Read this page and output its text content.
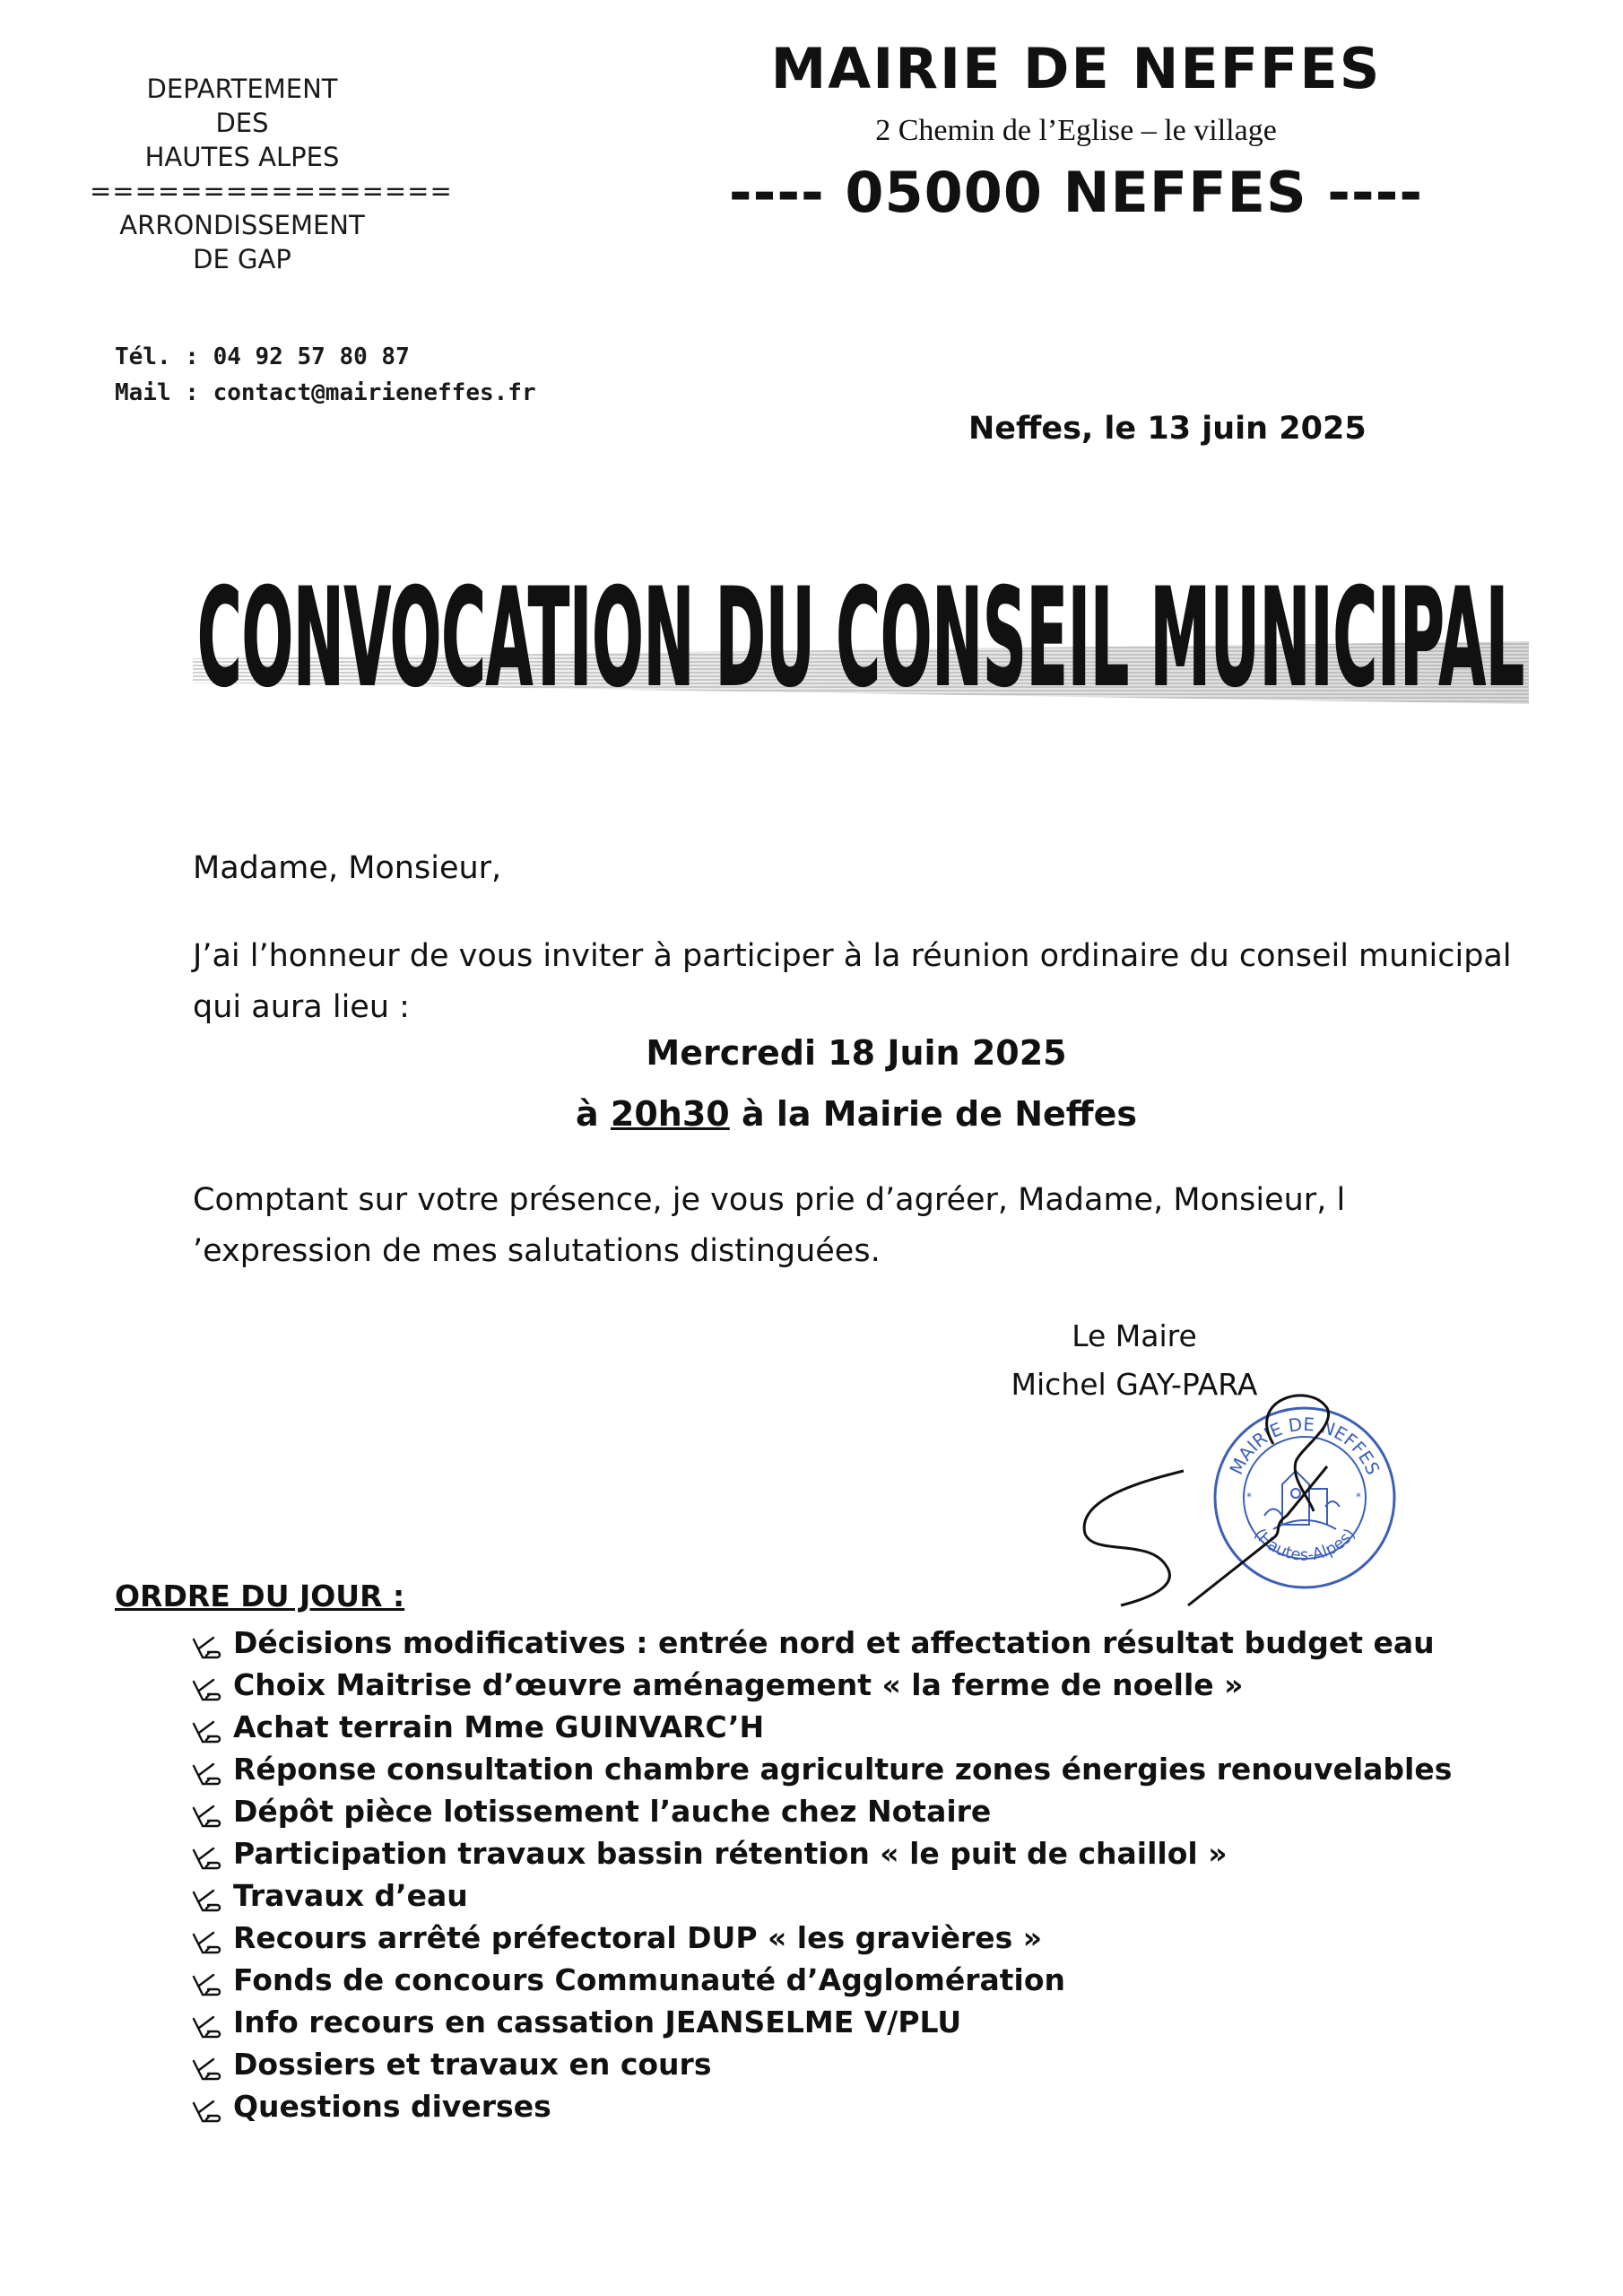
DEPARTEMENT
DES
HAUTES ALPES
================
ARRONDISSEMENT
DE GAP
Tél. : 04 92 57 80 87
Mail : contact@mairieneffes.fr
MAIRIE DE NEFFES
2 Chemin de l’Eglise – le village
---- 05000 NEFFES ----
Neffes, le 13 juin 2025
CONVOCATION DU CONSEIL MUNICIPAL
Madame, Monsieur,
J’ai l’honneur de vous inviter à participer à la réunion ordinaire du conseil municipal qui aura lieu :
Mercredi 18 Juin 2025
à 20h30 à la Mairie de Neffes
Comptant sur votre présence, je vous prie d’agréer, Madame, Monsieur, l ’expression de mes salutations distinguées.
Le Maire
Michel GAY-PARA
MAIRIE DE NEFFES
(Hautes-Alpes)
*	*
ORDRE DU JOUR :
Décisions modificatives : entrée nord et affectation résultat budget eau
Choix Maitrise d’œuvre aménagement « la ferme de noelle »
Achat terrain Mme GUINVARC’H
Réponse consultation chambre agriculture zones énergies renouvelables
Dépôt pièce lotissement l’auche chez Notaire
Participation travaux bassin rétention « le puit de chaillol »
Travaux d’eau
Recours arrêté préfectoral DUP « les gravières »
Fonds de concours Communauté d’Agglomération
Info recours en cassation JEANSELME V/PLU
Dossiers et travaux en cours
Questions diverses
